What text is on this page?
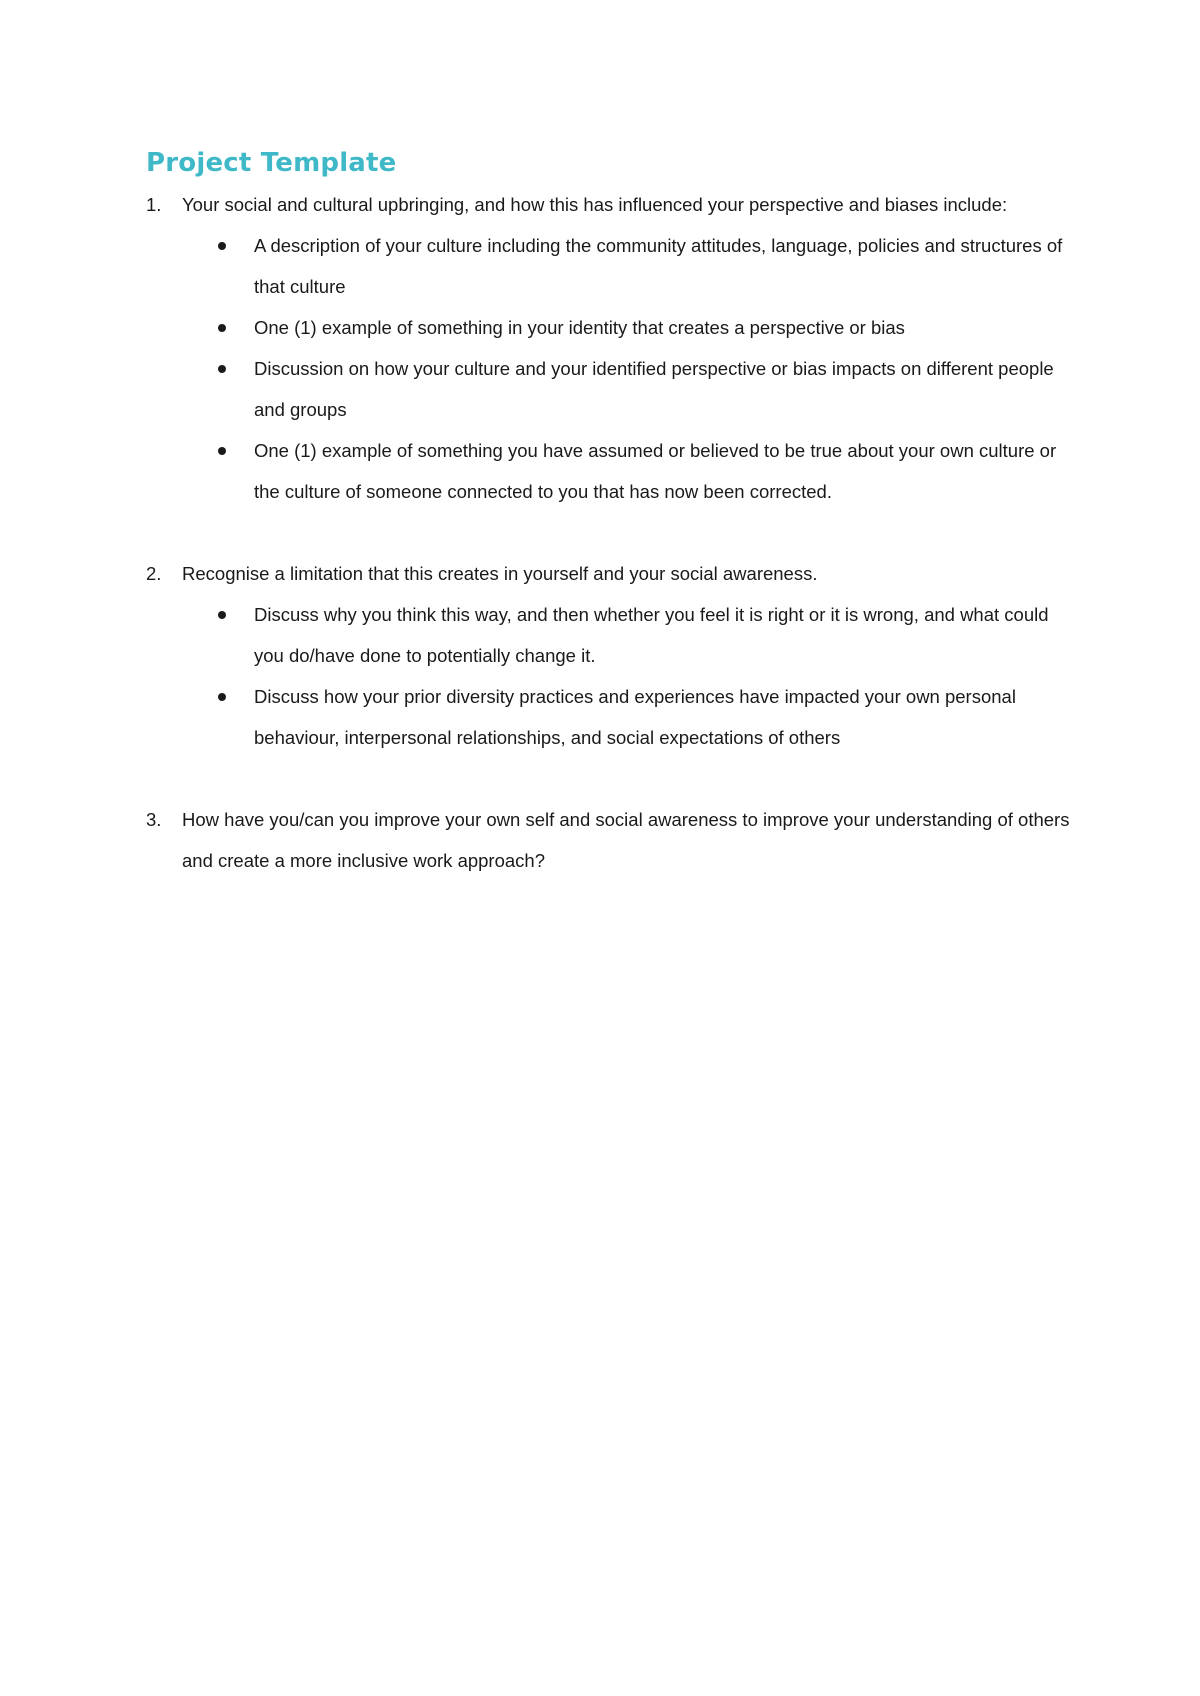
Project Template
1.	Your social and cultural upbringing, and how this has influenced your perspective and biases include:
A description of your culture including the community attitudes, language, policies and structures of that culture
One (1) example of something in your identity that creates a perspective or bias
Discussion on how your culture and your identified perspective or bias impacts on different people and groups
One (1) example of something you have assumed or believed to be true about your own culture or the culture of someone connected to you that has now been corrected.
2.	Recognise a limitation that this creates in yourself and your social awareness.
Discuss why you think this way, and then whether you feel it is right or it is wrong, and what could you do/have done to potentially change it.
Discuss how your prior diversity practices and experiences have impacted your own personal behaviour, interpersonal relationships, and social expectations of others
3.	How have you/can you improve your own self and social awareness to improve your understanding of others and create a more inclusive work approach?
